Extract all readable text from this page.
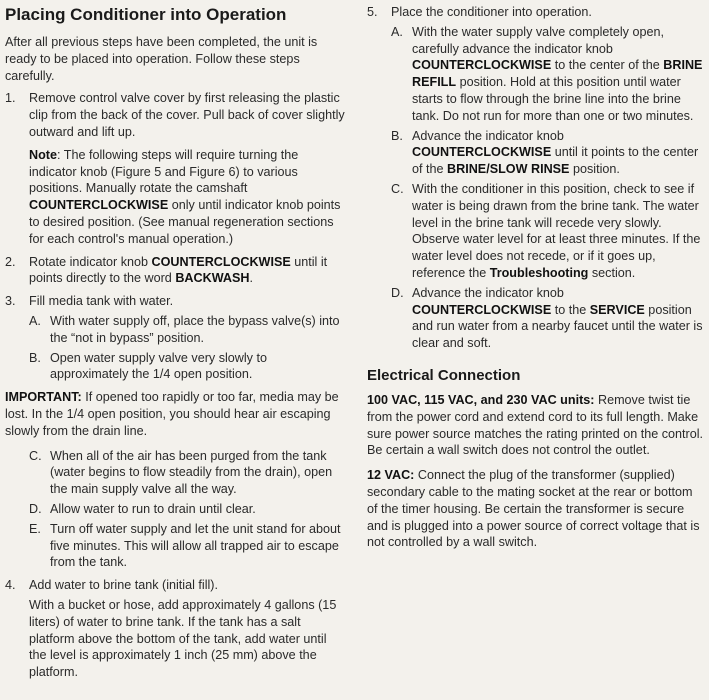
Placing Conditioner into Operation

After all previous steps have been completed, the unit is ready to be placed into operation. Follow these steps carefully.

1.	Remove control valve cover by first releasing the plastic clip from the back of the cover. Pull back of cover slightly outward and lift up.

Note: The following steps will require turning the indicator knob (Figure 5 and Figure 6) to various positions. Manually rotate the camshaft COUNTERCLOCKWISE only until indicator knob points to desired position. (See manual regeneration sections for each control's manual operation.)

2.	Rotate indicator knob COUNTERCLOCKWISE until it points directly to the word BACKWASH.
3.	Fill media tank with water.
A. With water supply off, place the bypass valve(s) into the “not in bypass” position.
B. Open water supply valve very slowly to approximately the 1/4 open position.

IMPORTANT: If opened too rapidly or too far, media may be lost. In the 1/4 open position, you should hear air escaping slowly from the drain line.

C. When all of the air has been purged from the tank (water begins to flow steadily from the drain), open the main supply valve all the way.
D. Allow water to run to drain until clear.
E. Turn off water supply and let the unit stand for about five minutes. This will allow all trapped air to escape from the tank.
4.	Add water to brine tank (initial fill).

With a bucket or hose, add approximately 4 gallons (15 liters) of water to brine tank. If the tank has a salt platform above the bottom of the tank, add water until the level is approximately 1 inch (25 mm) above the platform.

5.	Place the conditioner into operation.
A. With the water supply valve completely open, carefully advance the indicator knob COUNTERCLOCKWISE to the center of the BRINE REFILL position. Hold at this position until water starts to flow through the brine line into the brine tank. Do not run for more than one or two minutes.
B. Advance the indicator knob COUNTERCLOCKWISE until it points to the center of the BRINE/SLOW RINSE position.
C. With the conditioner in this position, check to see if water is being drawn from the brine tank. The water level in the brine tank will recede very slowly. Observe water level for at least three minutes. If the water level does not recede, or if it goes up, reference the Troubleshooting section.
D. Advance the indicator knob COUNTERCLOCKWISE to the SERVICE position and run water from a nearby faucet until the water is clear and soft.
Electrical Connection

100 VAC, 115 VAC, and 230 VAC units: Remove twist tie from the power cord and extend cord to its full length. Make sure power source matches the rating printed on the control. Be certain a wall switch does not control the outlet.

12 VAC: Connect the plug of the transformer (supplied) secondary cable to the mating socket at the rear or bottom of the timer housing. Be certain the transformer is secure and is plugged into a power source of correct voltage that is not controlled by a wall switch.
